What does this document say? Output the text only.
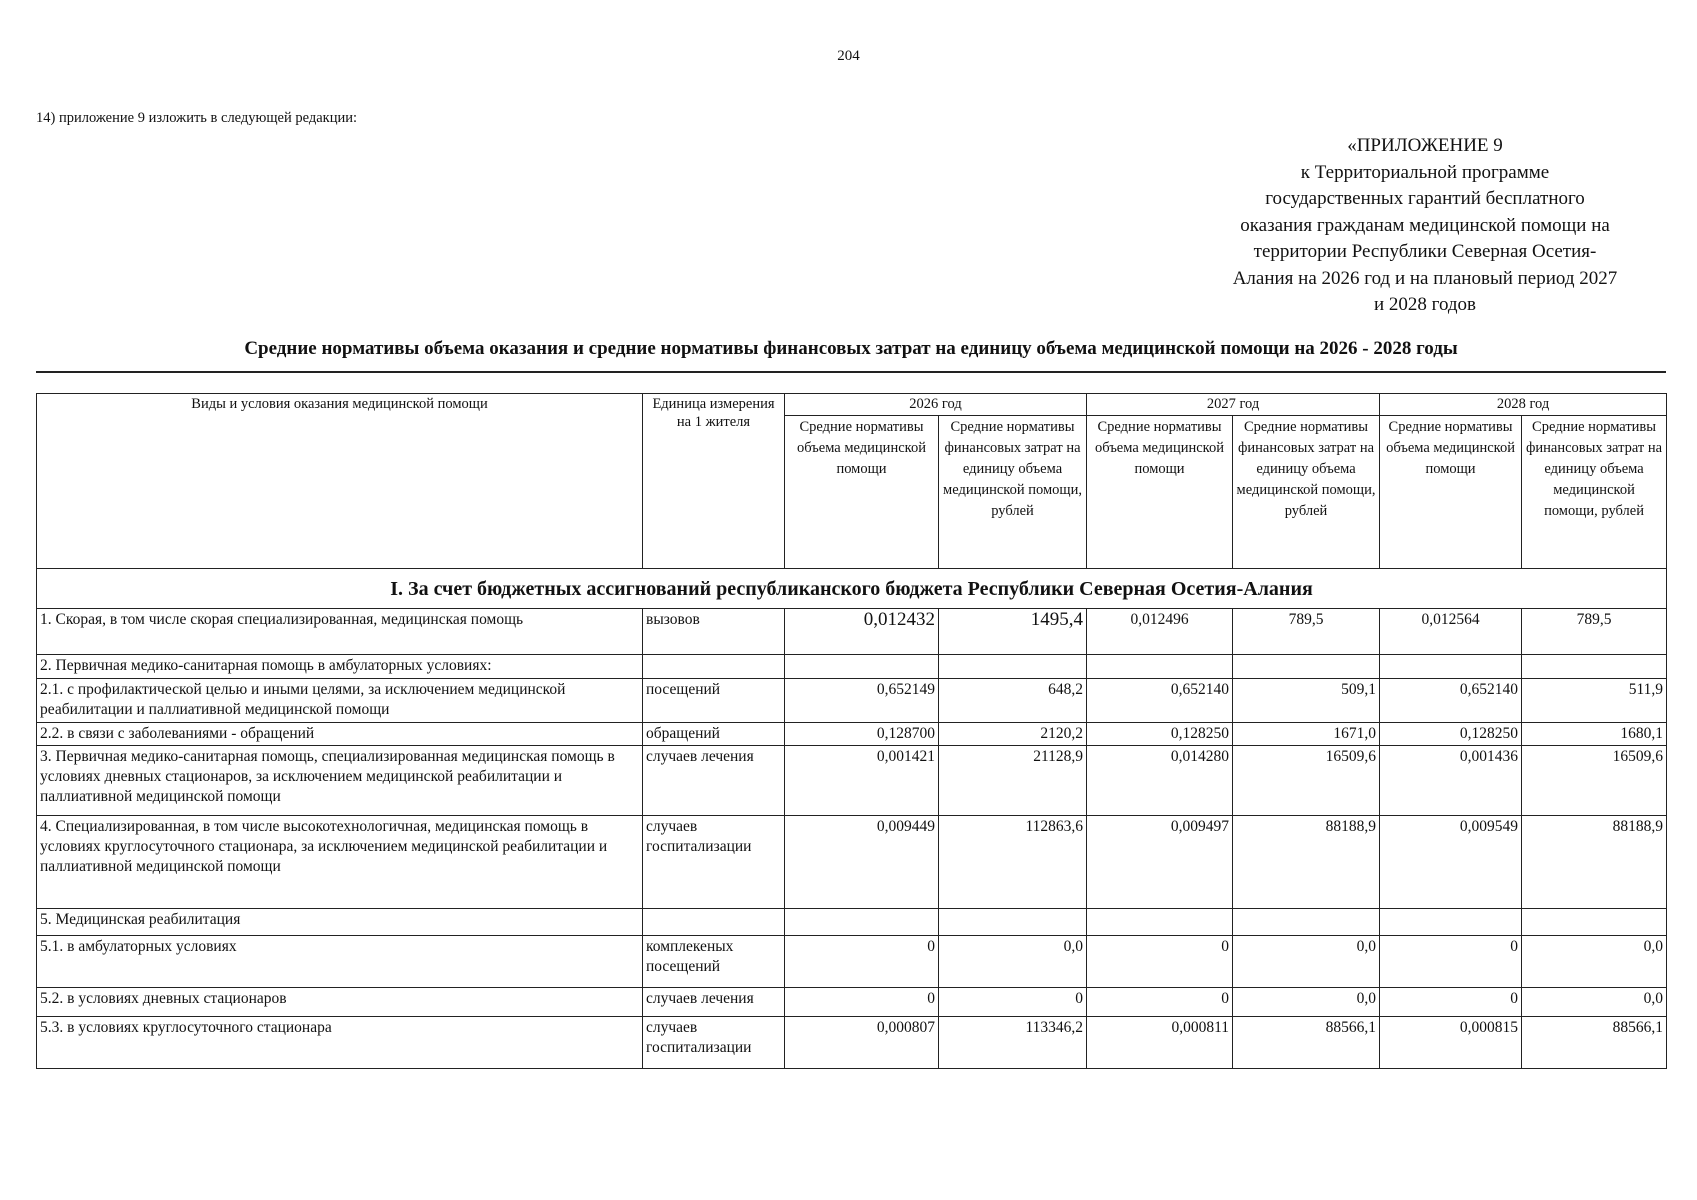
204
14) приложение 9 изложить в следующей редакции:
«ПРИЛОЖЕНИЕ 9
к Территориальной программе
государственных гарантий бесплатного
оказания гражданам медицинской помощи на
территории Республики Северная Осетия-
Алания на 2026 год и на плановый период 2027
и 2028 годов
Средние нормативы объема оказания и средние нормативы финансовых затрат на единицу объема медицинской помощи на 2026 - 2028 годы
Виды и условия оказания медицинской помощи	Единица измерения на 1 жителя	2026 год		2027 год		2028 год	
		Средние нормативы объема медицинской помощи	Средние нормативы финансовых затрат на единицу объема медицинской помощи, рублей	Средние нормативы объема медицинской помощи	Средние нормативы финансовых затрат на единицу объема медицинской помощи, рублей	Средние нормативы объема медицинской помощи	Средние нормативы финансовых затрат на единицу объема медицинской помощи, рублей
I. За счет бюджетных ассигнований республиканского бюджета Республики Северная Осетия-Алания							
1. Скорая, в том числе скорая специализированная, медицинская помощь	вызовов	0,012432	1495,4	0,012496	789,5	0,012564	789,5
2. Первичная медико-санитарная помощь в амбулаторных условиях:							
2.1. с профилактической целью и иными целями, за исключением медицинской реабилитации и паллиативной медицинской помощи	посещений	0,652149	648,2	0,652140	509,1	0,652140	511,9
2.2. в связи с заболеваниями - обращений	обращений	0,128700	2120,2	0,128250	1671,0	0,128250	1680,1
3. Первичная медико-санитарная помощь, специализированная медицинская помощь в условиях дневных стационаров, за исключением медицинской реабилитации и паллиативной медицинской помощи	случаев лечения	0,001421	21128,9	0,014280	16509,6	0,001436	16509,6
4. Специализированная, в том числе высокотехнологичная, медицинская помощь в условиях круглосуточного стационара, за исключением медицинской реабилитации и паллиативной медицинской помощи	случаев госпитализации	0,009449	112863,6	0,009497	88188,9	0,009549	88188,9
5. Медицинская реабилитация							
5.1. в амбулаторных условиях	комплекеных посещений	0	0,0	0	0,0	0	0,0
5.2. в условиях дневных стационаров	случаев лечения	0	0	0	0,0	0	0,0
5.3. в условиях круглосуточного стационара	случаев госпитализации	0,000807	113346,2	0,000811	88566,1	0,000815	88566,1
